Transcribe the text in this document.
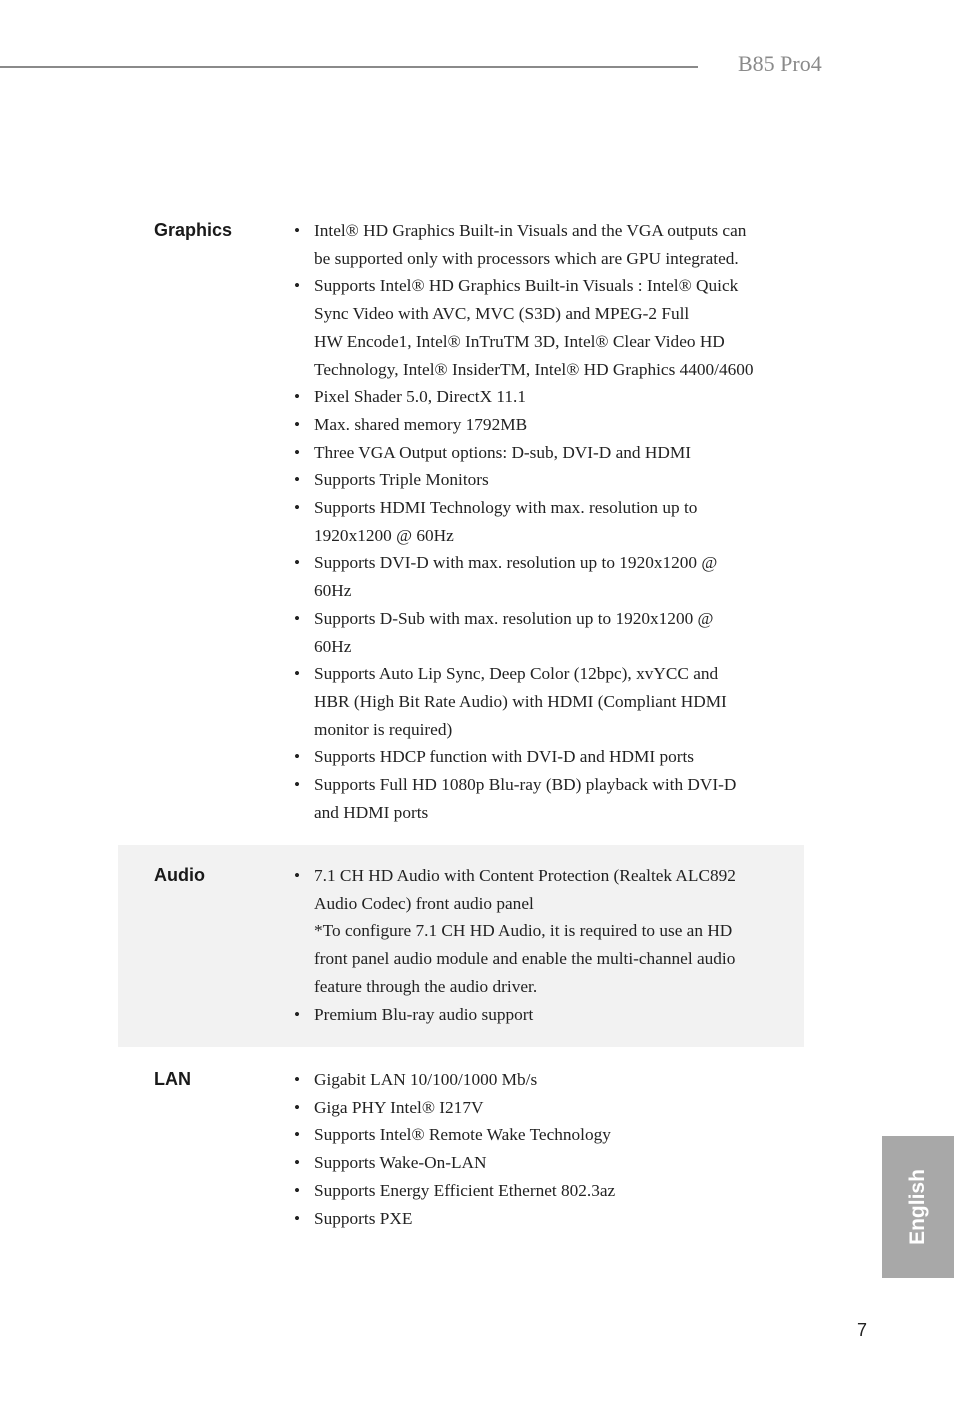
B85 Pro4
Graphics	• Intel® HD Graphics Built-in Visuals and the VGA outputs can
be supported only with processors which are GPU integrated.
• Supports Intel® HD Graphics Built-in Visuals : Intel® Quick
Sync Video with AVC, MVC (S3D) and MPEG-2 Full
HW Encode1, Intel® InTruTM 3D, Intel® Clear Video HD
Technology, Intel® InsiderTM, Intel® HD Graphics 4400/4600
• Pixel Shader 5.0, DirectX 11.1
• Max. shared memory 1792MB
• Three VGA Output options: D-sub, DVI-D and HDMI
• Supports Triple Monitors
• Supports HDMI Technology with max. resolution up to
1920x1200 @ 60Hz
• Supports DVI-D with max. resolution up to 1920x1200 @
60Hz
• Supports D-Sub with max. resolution up to 1920x1200 @
60Hz
• Supports Auto Lip Sync, Deep Color (12bpc), xvYCC and
HBR (High Bit Rate Audio) with HDMI (Compliant HDMI
monitor is required)
• Supports HDCP function with DVI-D and HDMI ports
• Supports Full HD 1080p Blu-ray (BD) playback with DVI-D
and HDMI ports
Audio	• 7.1 CH HD Audio with Content Protection (Realtek ALC892
Audio Codec) front audio panel
*To configure 7.1 CH HD Audio, it is required to use an HD
front panel audio module and enable the multi-channel audio
feature through the audio driver.
• Premium Blu-ray audio support
LAN	• Gigabit LAN 10/100/1000 Mb/s
• Giga PHY Intel® I217V
• Supports Intel® Remote Wake Technology
• Supports Wake-On-LAN
• Supports Energy Efficient Ethernet 802.3az
• Supports PXE	English
7
